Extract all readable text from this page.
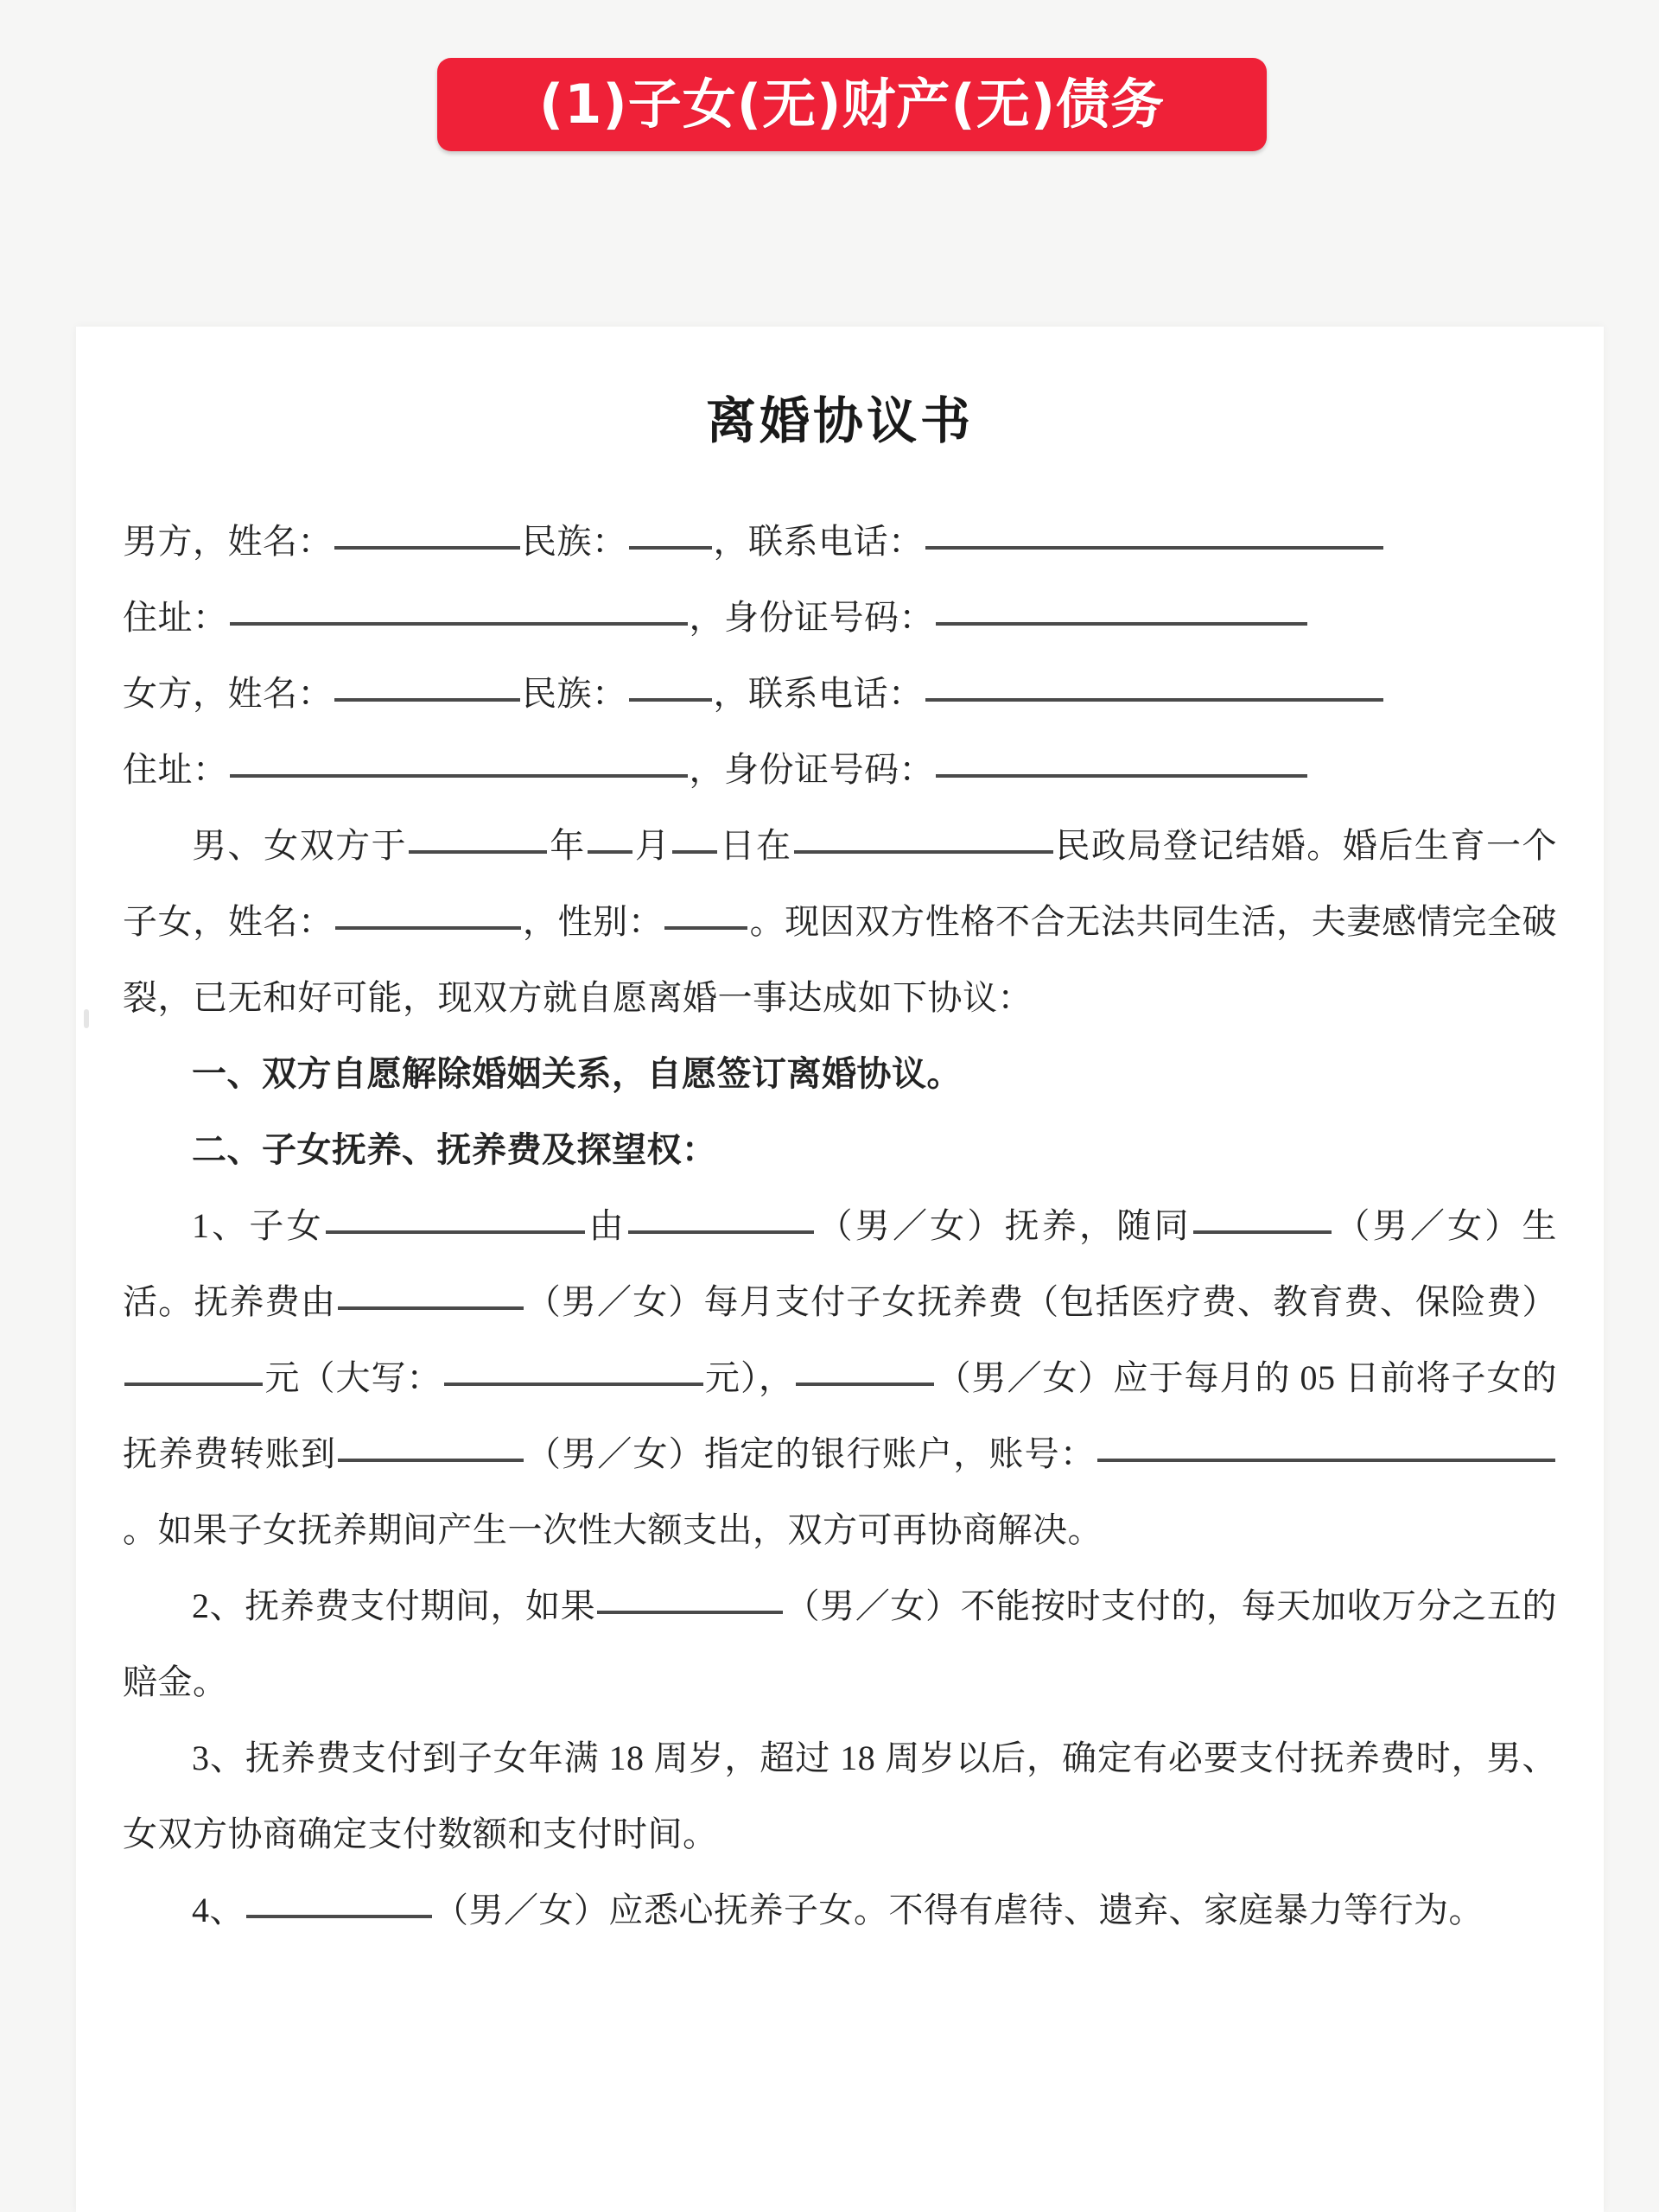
(1)子女(无)财产(无)债务
离婚协议书

男方，姓名：	民族：	，联系电话：

住址：	，身份证号码：

女方，姓名：	民族：	，联系电话：

住址：	，身份证号码：

男、女双方于	年 月 日在	民政局登记结婚。婚后生育一个子女，姓名：	，性别：	。现因双方性格不合无法共同生活，夫妻感情完全破裂，已无和好可能，现双方就自愿离婚一事达成如下协议：

一、双方自愿解除婚姻关系，自愿签订离婚协议。

二、子女抚养、抚养费及探望权：

1、子女	由	（男／女）抚养，随同	（男／女）生活。抚养费由	（男／女）每月支付子女抚养费（包括医疗费、教育费、保险费）元（大写：	元），	（男／女）应于每月的 05 日前将子女的抚养费转账到	（男／女）指定的银行账户，账号：。如果子女抚养期间产生一次性大额支出，双方可再协商解决。

2、抚养费支付期间，如果	（男／女）不能按时支付的，每天加收万分之五的赔金。

3、抚养费支付到子女年满 18 周岁，超过 18 周岁以后，确定有必要支付抚养费时，男、女双方协商确定支付数额和支付时间。

4、	（男／女）应悉心抚养子女。不得有虐待、遗弃、家庭暴力等行为。
